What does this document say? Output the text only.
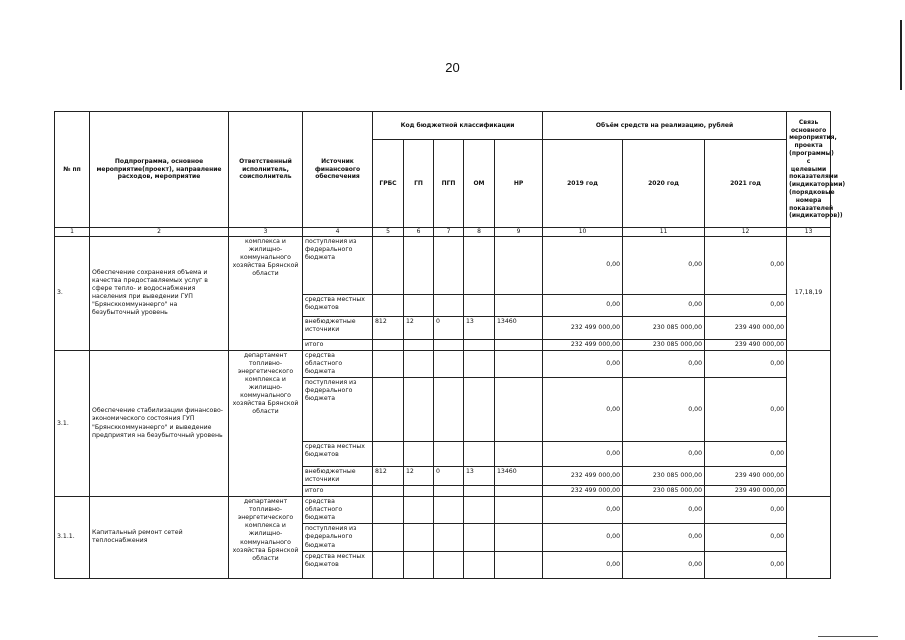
20
№ пп	Подпрограмма, основное мероприятие(проект), направление расходов, мероприятие	Ответственный исполнитель, соисполнитель	Источник финансового обеспечения	Код бюджетной классификации					Объём средств на реализацию, рублей			Связь основного мероприятия, проекта (программы) с целевыми показателями (индикаторами) (порядковые номера показателей (индикаторов))
				ГРБС	ГП	ПГП	ОМ	НР	2019 год	2020 год	2021 год	
1	2	3	4	5	6	7	8	9	10	11	12	13
3.	Обеспечение сохранения объема и качества предоставляемых услуг в сфере тепло- и водоснабжения населения при выведении ГУП "Брянсккоммунэнерго" на безубыточный уровень	комплекса и жилищно-коммунального хозяйства Брянской области	поступления из федерального бюджета						0,00	0,00	0,00	17,18,19
			средства местных бюджетов						0,00	0,00	0,00	
			внебюджетные источники	812	12	0	13	13460	232 499 000,00	230 085 000,00	239 490 000,00	
			итого						232 499 000,00	230 085 000,00	239 490 000,00	
3.1.	Обеспечение стабилизации финансово-экономического состояния ГУП "Брянсккоммунэнерго" и выведение предприятия на безубыточный уровень	департамент топливно-энергетического комплекса и жилищно-коммунального хозяйства Брянской области	средства областного бюджета						0,00	0,00	0,00	
			поступления из федерального бюджета						0,00	0,00	0,00	
			средства местных бюджетов						0,00	0,00	0,00	
			внебюджетные источники	812	12	0	13	13460	232 499 000,00	230 085 000,00	239 490 000,00	
			итого						232 499 000,00	230 085 000,00	239 490 000,00	
3.1.1.	Капитальный ремонт сетей теплоснабжения	департамент топливно-энергетического комплекса и жилищно-коммунального хозяйства Брянской области	средства областного бюджета						0,00	0,00	0,00	
			поступления из федерального бюджета						0,00	0,00	0,00	
			средства местных бюджетов						0,00	0,00	0,00	
